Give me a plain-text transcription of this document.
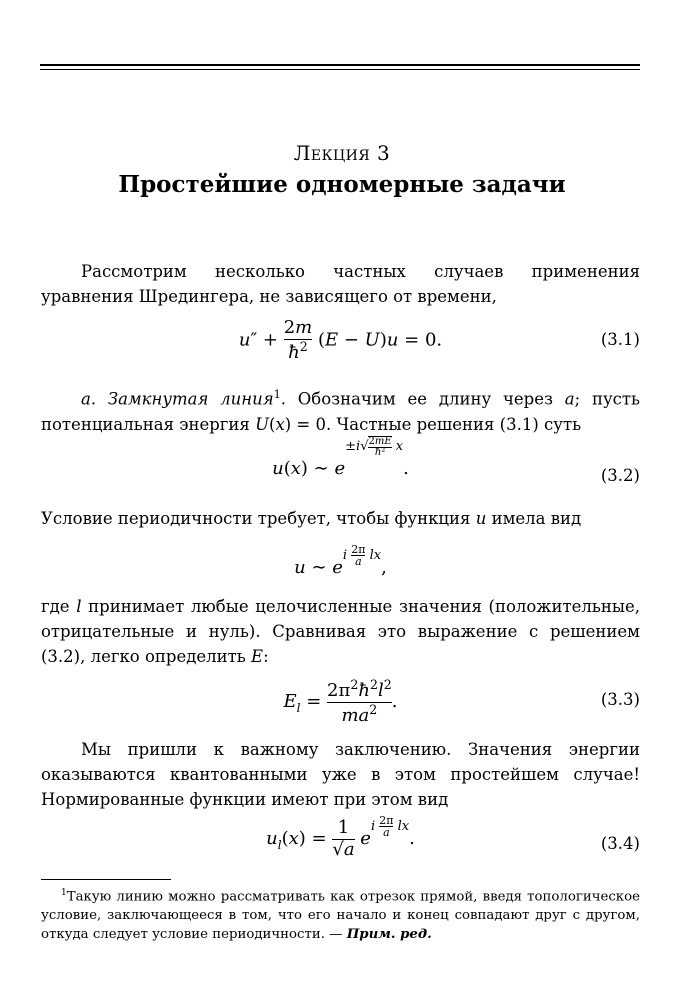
Лекция 3
Простейшие одномерные задачи
Рассмотрим несколько частных случаев применения уравнения Шредингера, не зависящего от времени,
$u'' + \frac{2m}{ħ^2} (E - U)u = 0$.	(3.1)
а. Замкнутая линия$^1$. Обозначим ее длину через a; пусть потенциальная энергия U(x) = 0. Частные решения (3.1) суть
u(x) ∼ $e^{\pm i√ \frac{2mE}{\text{ħ²}} x}$.	(3.2)
Условие периодичности требует, чтобы функция u имела вид
u ∼ $e^{i \frac{2\pi}{a} lx}$,
где l принимает любые целочисленные значения (положительные, отрицательные и нуль). Сравнивая это выражение с решением (3.2), легко определить E:
$E_l = \frac{2\pi^2ħ^2l^2}{ma^2}$ .	(3.3)
Мы пришли к важному заключению. Значения энергии оказываются квантованными уже в этом простейшем случае! Нормированные функции имеют при этом вид
$u_l(x) = \frac{1}{√a} e^{i \frac{2\pi}{a} lx}$.	(3.4)
$^1$Такую линию можно рассматривать как отрезок прямой, введя топологическое условие, заключающееся в том, что его начало и конец совпадают друг с другом, откуда следует условие периодичности. — Прим. ред.
